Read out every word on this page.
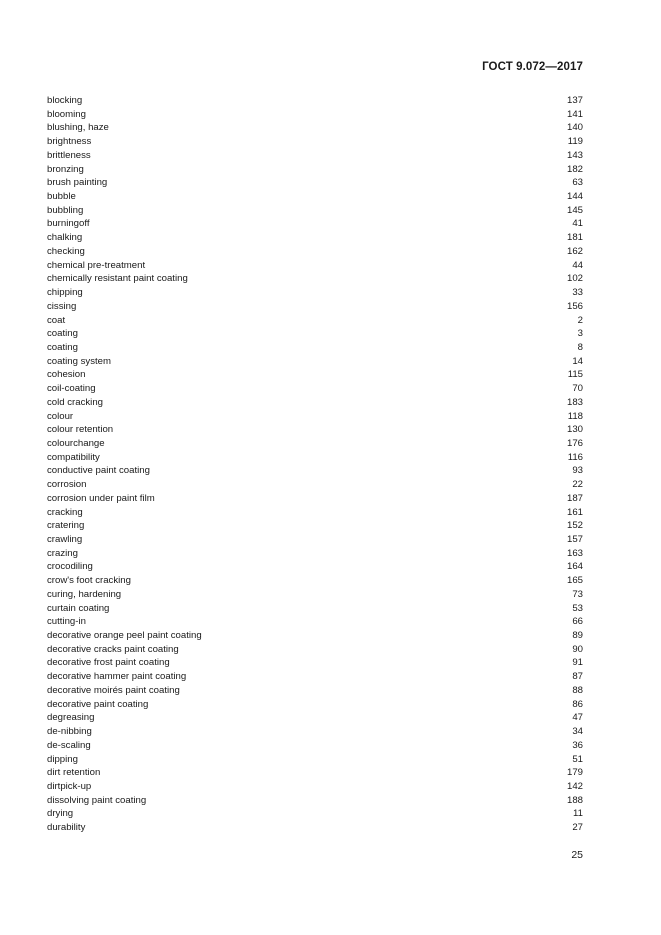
ГОСТ 9.072—2017
blocking	137
blooming	141
blushing, haze	140
brightness	119
brittleness	143
bronzing	182
brush painting	63
bubble	144
bubbling	145
burningoff	41
chalking	181
checking	162
chemical pre-treatment	44
chemically resistant paint coating	102
chipping	33
cissing	156
coat	2
coating	3
coating	8
coating system	14
cohesion	115
coil-coating	70
cold cracking	183
colour	118
colour retention	130
colourchange	176
compatibility	116
conductive paint coating	93
corrosion	22
corrosion under paint film	187
cracking	161
cratering	152
crawling	157
crazing	163
crocodiling	164
crow's foot cracking	165
curing, hardening	73
curtain coating	53
cutting-in	66
decorative orange peel paint coating	89
decorative cracks paint coating	90
decorative frost paint coating	91
decorative hammer paint coating	87
decorative moirés paint coating	88
decorative paint coating	86
degreasing	47
de-nibbing	34
de-scaling	36
dipping	51
dirt retention	179
dirtpick-up	142
dissolving paint coating	188
drying	11
durability	27
25
